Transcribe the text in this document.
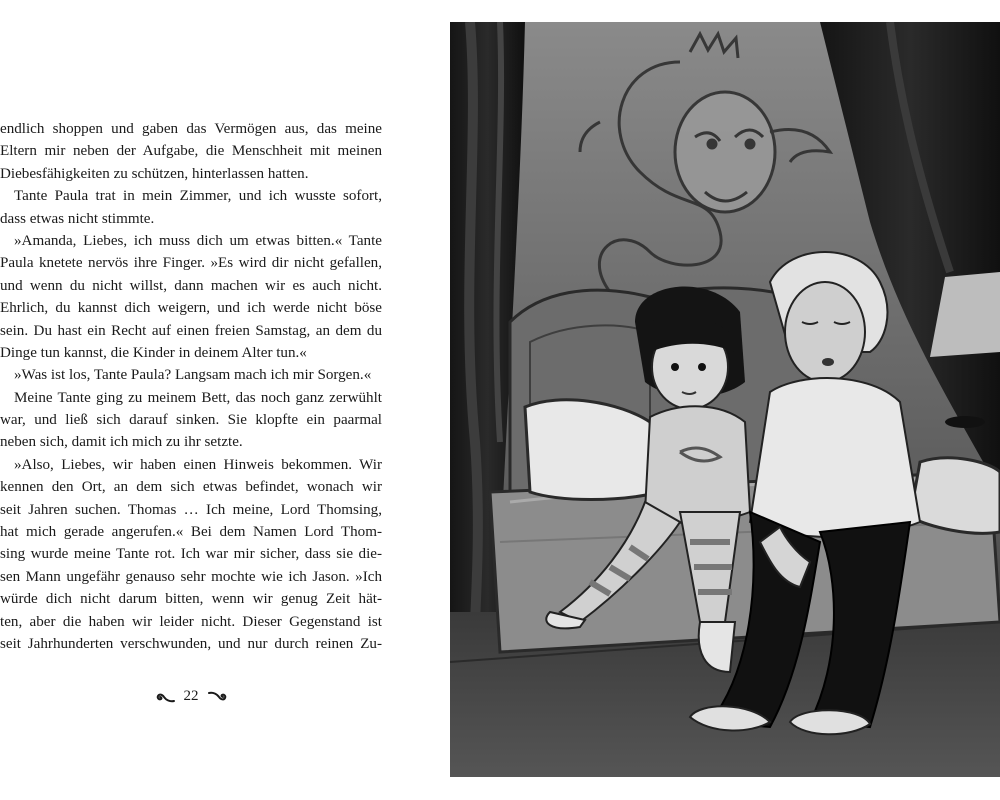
endlich shoppen und gaben das Vermögen aus, das meine
Eltern mir neben der Aufgabe, die Menschheit mit meinen
Diebesfähigkeiten zu schützen, hinterlassen hatten.

Tante Paula trat in mein Zimmer, und ich wusste sofort,
dass etwas nicht stimmte.

»Amanda, Liebes, ich muss dich um etwas bitten.« Tante
Paula knetete nervös ihre Finger. »Es wird dir nicht gefallen,
und wenn du nicht willst, dann machen wir es auch nicht.
Ehrlich, du kannst dich weigern, und ich werde nicht böse
sein. Du hast ein Recht auf einen freien Samstag, an dem du
Dinge tun kannst, die Kinder in deinem Alter tun.«

»Was ist los, Tante Paula? Langsam mach ich mir Sorgen.«

Meine Tante ging zu meinem Bett, das noch ganz zerwühlt
war, und ließ sich darauf sinken. Sie klopfte ein paarmal
neben sich, damit ich mich zu ihr setzte.

»Also, Liebes, wir haben einen Hinweis bekommen. Wir
kennen den Ort, an dem sich etwas befindet, wonach wir
seit Jahren suchen. Thomas … Ich meine, Lord Thomsing,
hat mich gerade angerufen.« Bei dem Namen Lord Thom-
sing wurde meine Tante rot. Ich war mir sicher, dass sie die-
sen Mann ungefähr genauso sehr mochte wie ich Jason. »Ich
würde dich nicht darum bitten, wenn wir genug Zeit hät-
ten, aber die haben wir leider nicht. Dieser Gegenstand ist
seit Jahrhunderten verschwunden, und nur durch reinen Zu-

22
